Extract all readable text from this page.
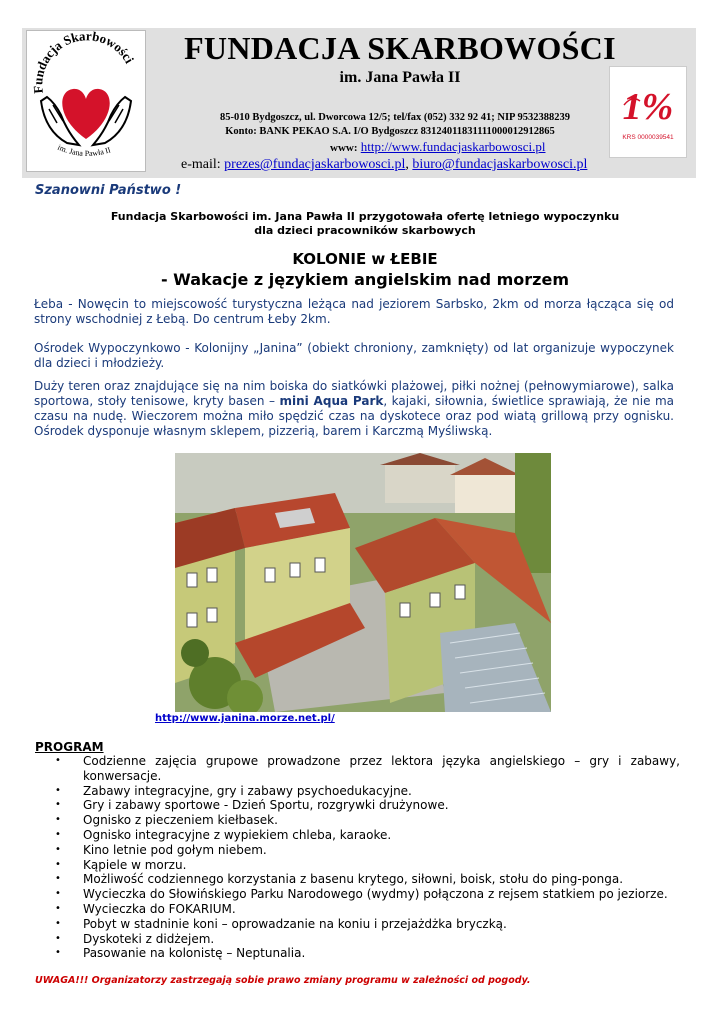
Fundacja Skarbowości
im. Jana Pawła II
FUNDACJA SKARBOWOŚCI
im. Jana Pawła II
85-010 Bydgoszcz, ul. Dworcowa 12/5; tel/fax (052) 332 92 41; NIP 9532388239
Konto: BANK PEKAO S.A. I/O Bydgoszcz 83124011831111000012912865
www: http://www.fundacjaskarbowosci.pl
e-mail: prezes@fundacjaskarbowosci.pl, biuro@fundacjaskarbowosci.pl
1%
KRS 0000039541
Szanowni Państwo !
Fundacja Skarbowości im. Jana Pawła II przygotowała ofertę letniego wypoczynku
dla dzieci pracowników skarbowych
KOLONIE w ŁEBIE
- Wakacje z językiem angielskim nad morzem
Łeba - Nowęcin to miejscowość turystyczna leżąca nad jeziorem Sarbsko, 2km od morza łącząca się od strony wschodniej z Łebą. Do centrum Łeby 2km.
Ośrodek Wypoczynkowo - Kolonijny „Janina” (obiekt chroniony, zamknięty) od lat organizuje wypoczynek dla dzieci i młodzieży.
Duży teren oraz znajdujące się na nim boiska do siatkówki plażowej, piłki nożnej (pełnowymiarowe), salka sportowa, stoły tenisowe, kryty basen – mini Aqua Park, kajaki, siłownia, świetlice sprawiają, że nie ma czasu na nudę. Wieczorem można miło spędzić czas na dyskotece oraz pod wiatą grillową przy ognisku. Ośrodek dysponuje własnym sklepem, pizzerią, barem i Karczmą Myśliwską.
http://www.janina.morze.net.pl/
PROGRAM
• Codzienne zajęcia grupowe prowadzone przez lektora języka angielskiego – gry i zabawy, konwersacje.
• Zabawy integracyjne, gry i zabawy psychoedukacyjne.
• Gry i zabawy sportowe - Dzień Sportu, rozgrywki drużynowe.
• Ognisko z pieczeniem kiełbasek.
• Ognisko integracyjne z wypiekiem chleba, karaoke.
• Kino letnie pod gołym niebem.
• Kąpiele w morzu.
• Możliwość codziennego korzystania z basenu krytego, siłowni, boisk, stołu do ping-ponga.
• Wycieczka do Słowińskiego Parku Narodowego (wydmy) połączona z rejsem statkiem po jeziorze.
• Wycieczka do FOKARIUM.
• Pobyt w stadninie koni – oprowadzanie na koniu i przejażdżka bryczką.
• Dyskoteki z didżejem.
• Pasowanie na kolonistę – Neptunalia.
UWAGA!!! Organizatorzy zastrzegają sobie prawo zmiany programu w zależności od pogody.
